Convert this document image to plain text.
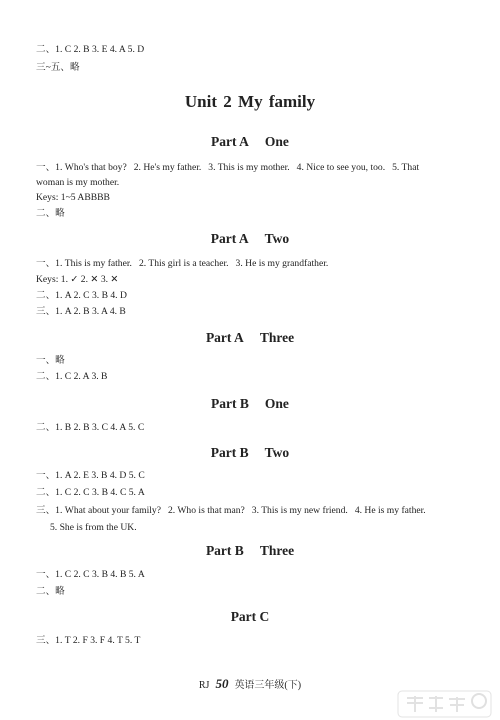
二、1. C 2. B 3. E 4. A 5. D
三~五、略
Unit 2 My family
Part A One
一、1. Who's that boy? 2. He's my father. 3. This is my mother. 4. Nice to see you, too. 5. That
woman is my mother.
Keys: 1~5 ABBBB
二、略
Part A Two
一、1. This is my father. 2. This girl is a teacher. 3. He is my grandfather.
Keys: 1. ✓ 2. ✕ 3. ✕
二、1. A 2. C 3. B 4. D
三、1. A 2. B 3. A 4. B
Part A Three
一、略
二、1. C 2. A 3. B
Part B One
二、1. B 2. B 3. C 4. A 5. C
Part B Two
一、1. A 2. E 3. B 4. D 5. C
二、1. C 2. C 3. B 4. C 5. A
三、1. What about your family? 2. Who is that man? 3. This is my new friend. 4. He is my father.
5. She is from the UK.
Part B Three
一、1. C 2. C 3. B 4. B 5. A
二、略
Part C
三、1. T 2. F 3. F 4. T 5. T
RJ 50 英语三年级(下)
